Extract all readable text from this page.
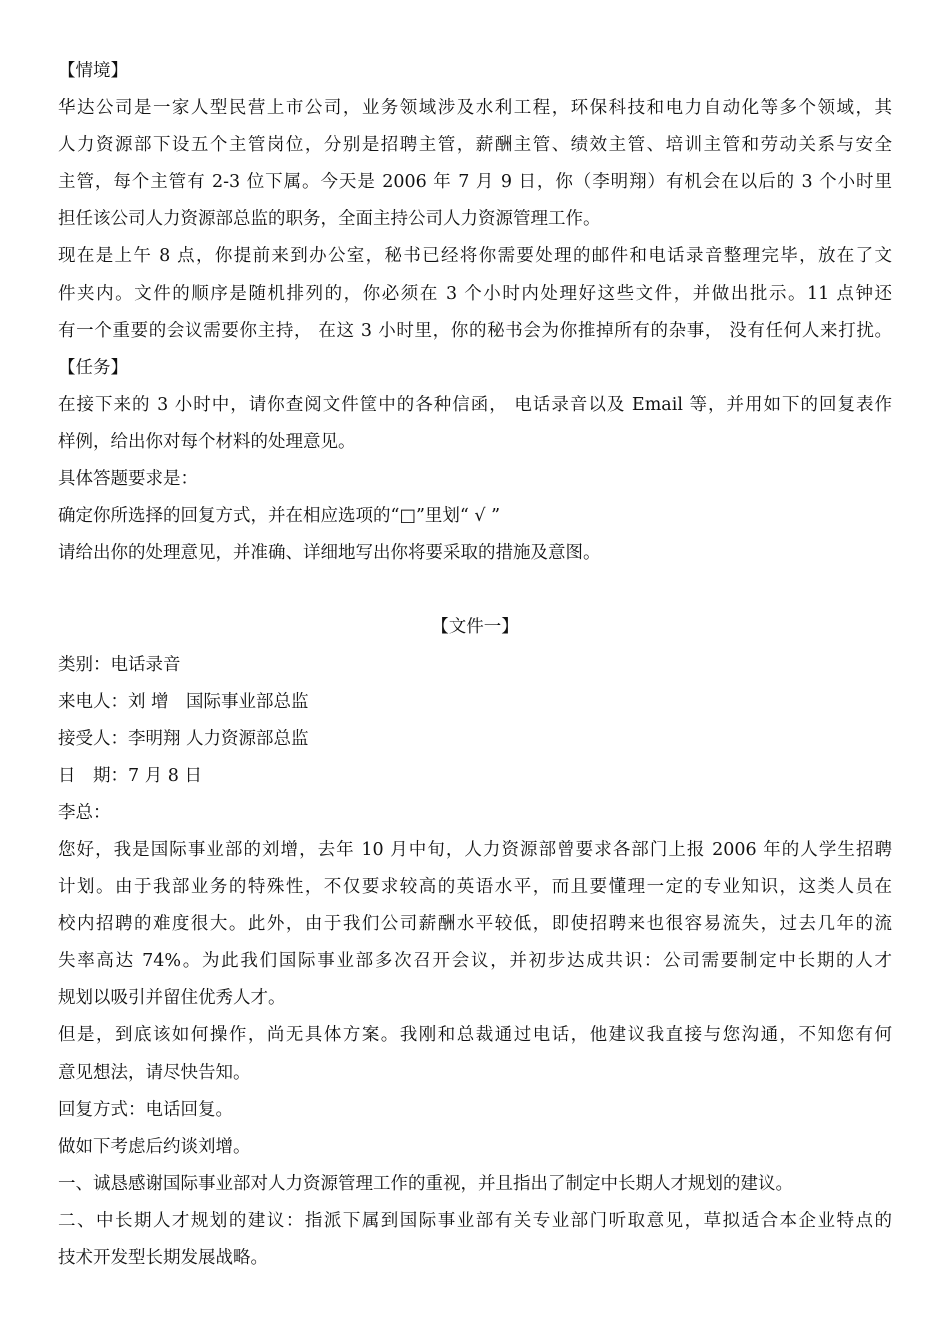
【情境】
华达公司是一家人型民营上市公司，业务领域涉及水利工程，环保科技和电力自动化等多个领域，其
人力资源部下设五个主管岗位，分别是招聘主管，薪酬主管、绩效主管、培训主管和劳动关系与安全
主管，每个主管有 2-3 位下属。今天是 2006 年 7 月 9 日，你（李明翔）有机会在以后的 3 个小时里
担任该公司人力资源部总监的职务，全面主持公司人力资源管理工作。
现在是上午 8 点，你提前来到办公室，秘书已经将你需要处理的邮件和电话录音整理完毕，放在了文
件夹内。文件的顺序是随机排列的，你必须在 3 个小时内处理好这些文件，并做出批示。11 点钟还
有一个重要的会议需要你主持， 在这 3 小时里，你的秘书会为你推掉所有的杂事， 没有任何人来打扰。
【任务】
在接下来的 3 小时中，请你查阅文件筐中的各种信函， 电话录音以及 Email 等，并用如下的回复表作
样例，给出你对每个材料的处理意见。
具体答题要求是：
确定你所选择的回复方式，并在相应选项的“□”里划“ √ ”
请给出你的处理意见，并准确、详细地写出你将要采取的措施及意图。
【文件一】
类别：电话录音
来电人：刘 增　国际事业部总监
接受人：李明翔 人力资源部总监
日　期：7 月 8 日
李总：
您好，我是国际事业部的刘增，去年 10 月中旬，人力资源部曾要求各部门上报 2006 年的人学生招聘
计划。由于我部业务的特殊性，不仅要求较高的英语水平，而且要懂理一定的专业知识，这类人员在
校内招聘的难度很大。此外，由于我们公司薪酬水平较低，即使招聘来也很容易流失，过去几年的流
失率高达 74%。为此我们国际事业部多次召开会议，并初步达成共识：公司需要制定中长期的人才
规划以吸引并留住优秀人才。
但是，到底该如何操作，尚无具体方案。我刚和总裁通过电话，他建议我直接与您沟通，不知您有何
意见想法，请尽快告知。
回复方式：电话回复。
做如下考虑后约谈刘增。
一、诚恳感谢国际事业部对人力资源管理工作的重视，并且指出了制定中长期人才规划的建议。
二、中长期人才规划的建议：指派下属到国际事业部有关专业部门听取意见，草拟适合本企业特点的
技术开发型长期发展战略。
